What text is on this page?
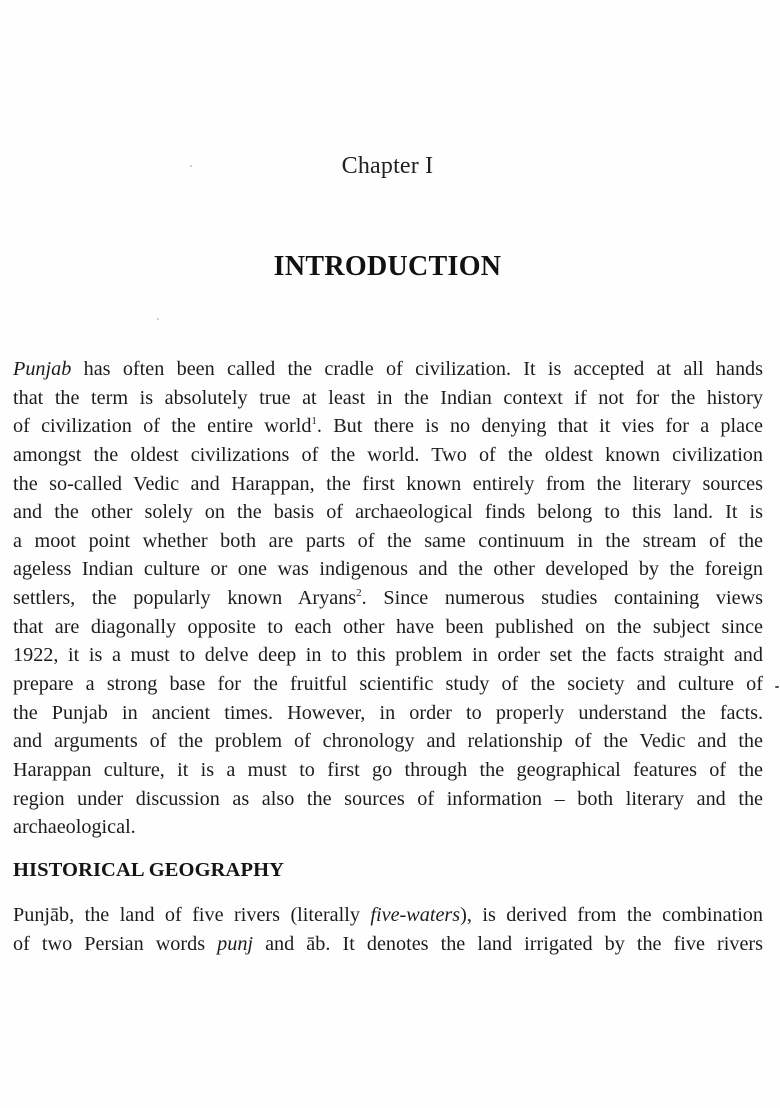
Chapter I
INTRODUCTION
Punjab has often been called the cradle of civilization. It is accepted at all hands
that the term is absolutely true at least in the Indian context if not for the history
of civilization of the entire world$^1$. But there is no denying that it vies for a place
amongst the oldest civilizations of the world. Two of the oldest known civilization
the so-called Vedic and Harappan, the first known entirely from the literary sources
and the other solely on the basis of archaeological finds belong to this land. It is
a moot point whether both are parts of the same continuum in the stream of the
ageless Indian culture or one was indigenous and the other developed by the foreign
settlers, the popularly known Aryans$^2$. Since numerous studies containing views
that are diagonally opposite to each other have been published on the subject since
1922, it is a must to delve deep in to this problem in order set the facts straight and
prepare a strong base for the fruitful scientific study of the society and culture of
the Punjab in ancient times. However, in order to properly understand the facts.
and arguments of the problem of chronology and relationship of the Vedic and the
Harappan culture, it is a must to first go through the geographical features of the
region under discussion as also the sources of information – both literary and the
archaeological.
HISTORICAL GEOGRAPHY
Punjāb, the land of five rivers (literally five-waters), is derived from the combination
of two Persian words punj and āb. It denotes the land irrigated by the five rivers
